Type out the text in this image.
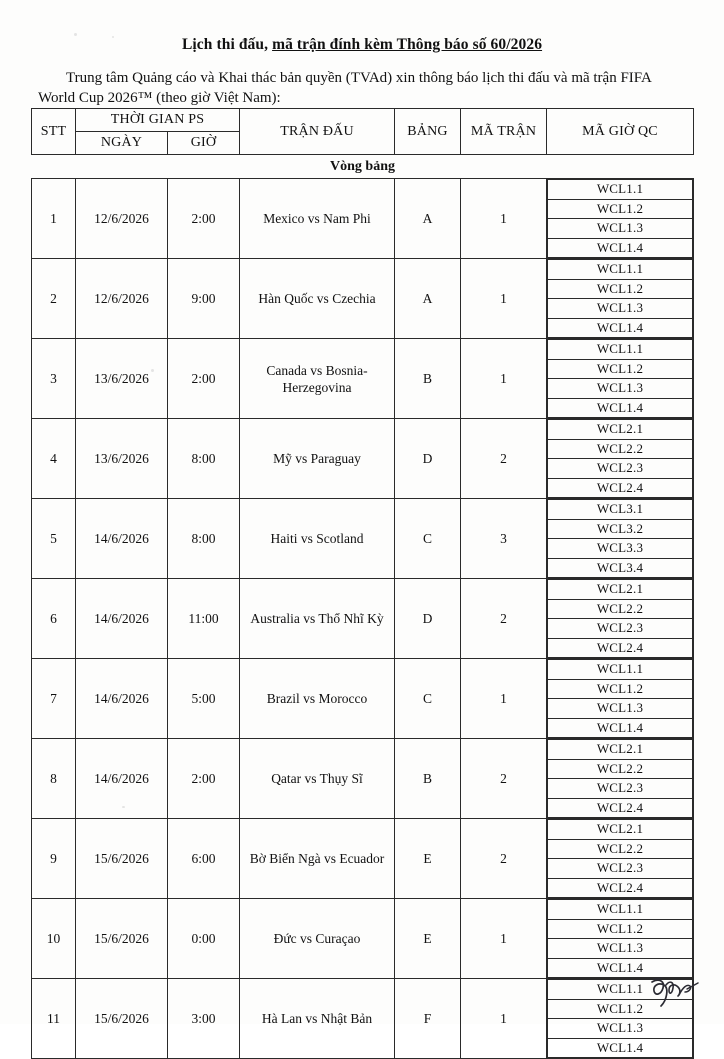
Lịch thi đấu, mã trận đính kèm Thông báo số 60/2026
Trung tâm Quảng cáo và Khai thác bản quyền (TVAd) xin thông báo lịch thi đấu và mã trận FIFA World Cup 2026™ (theo giờ Việt Nam):
STT	THỜI GIAN PS	TRẬN ĐẤU	BẢNG	MÃ TRẬN	MÃ GIỜ QC
NGÀY	GIỜ
Vòng bảng
1	12/6/2026	2:00	Mexico vs Nam Phi	A	1	
WCL1.1
WCL1.2
WCL1.3
WCL1.4

2	12/6/2026	9:00	Hàn Quốc vs Czechia	A	1	
WCL1.1
WCL1.2
WCL1.3
WCL1.4

3	13/6/2026	2:00	Canada vs Bosnia-Herzegovina	B	1	
WCL1.1
WCL1.2
WCL1.3
WCL1.4

4	13/6/2026	8:00	Mỹ vs Paraguay	D	2	
WCL2.1
WCL2.2
WCL2.3
WCL2.4

5	14/6/2026	8:00	Haiti vs Scotland	C	3	
WCL3.1
WCL3.2
WCL3.3
WCL3.4

6	14/6/2026	11:00	Australia vs Thổ Nhĩ Kỳ	D	2	
WCL2.1
WCL2.2
WCL2.3
WCL2.4

7	14/6/2026	5:00	Brazil vs Morocco	C	1	
WCL1.1
WCL1.2
WCL1.3
WCL1.4

8	14/6/2026	2:00	Qatar vs Thụy Sĩ	B	2	
WCL2.1
WCL2.2
WCL2.3
WCL2.4

9	15/6/2026	6:00	Bờ Biển Ngà vs Ecuador	E	2	
WCL2.1
WCL2.2
WCL2.3
WCL2.4

10	15/6/2026	0:00	Đức vs Curaçao	E	1	
WCL1.1
WCL1.2
WCL1.3
WCL1.4

11	15/6/2026	3:00	Hà Lan vs Nhật Bản	F	1	
WCL1.1
WCL1.2
WCL1.3
WCL1.4
